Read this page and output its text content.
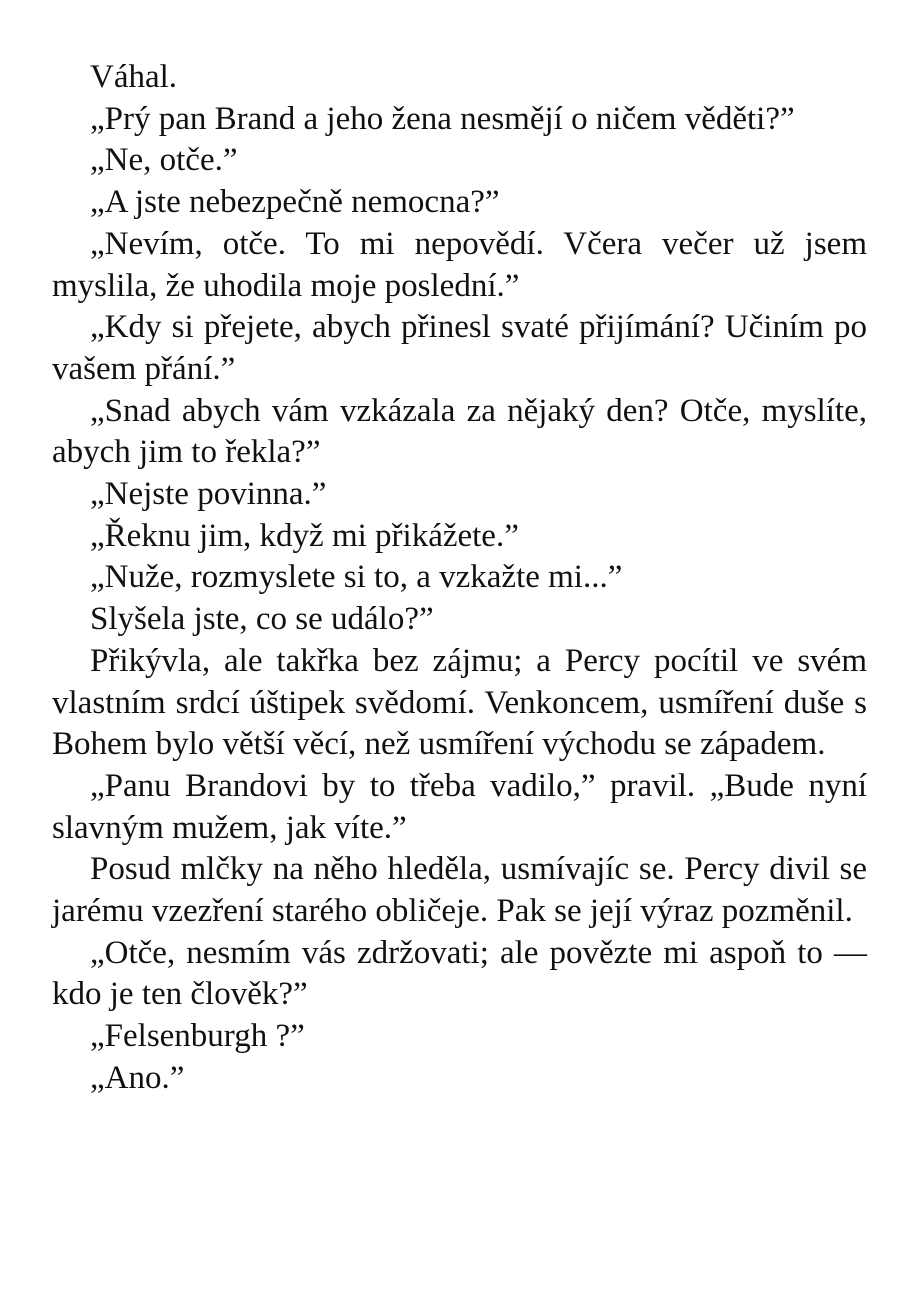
Váhal.

„Prý pan Brand a jeho žena nesmějí o ničem věděti?”

„Ne, otče.”

„A jste nebezpečně nemocna?”

„Nevím, otče. To mi nepovědí. Včera večer už jsem myslila, že uhodila moje poslední.”

„Kdy si přejete, abych přinesl svaté přijímání? Učiním po vašem přání.”

„Snad abych vám vzkázala za nějaký den? Otče, myslíte, abych jim to řekla?”

„Nejste povinna.”

„Řeknu jim, když mi přikážete.”

„Nuže, rozmyslete si to, a vzkažte mi...”

Slyšela jste, co se událo?”

Přikývla, ale takřka bez zájmu; a Percy pocítil ve svém vlastním srdcí úštipek svědomí. Venkoncem, usmíření duše s Bohem bylo větší věcí, než usmíření východu se západem.

„Panu Brandovi by to třeba vadilo,” pravil. „Bude nyní slavným mužem, jak víte.”

Posud mlčky na něho hleděla, usmívajíc se. Percy divil se jarému vzezření starého obličeje. Pak se její výraz pozměnil.

„Otče, nesmím vás zdržovati; ale povězte mi aspoň to — kdo je ten člověk?”

„Felsenburgh ?”

„Ano.”
